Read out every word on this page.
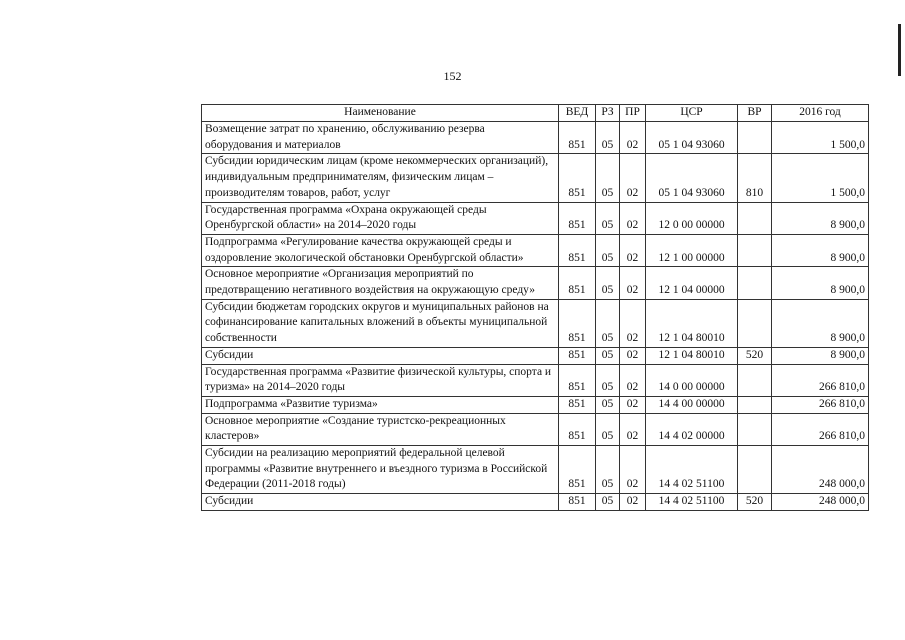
152
Наименование	ВЕД	РЗ	ПР	ЦСР	ВР	2016 год
Возмещение затрат по хранению, обслуживанию резерва оборудования и материалов	851	05	02	05 1 04 93060		1 500,0
Субсидии юридическим лицам (кроме некоммерческих организаций), индивидуальным предпринимателям, физическим лицам – производителям товаров, работ, услуг	851	05	02	05 1 04 93060	810	1 500,0
Государственная программа «Охрана окружающей среды Оренбургской области» на 2014–2020 годы	851	05	02	12 0 00 00000		8 900,0
Подпрограмма «Регулирование качества окружающей среды и оздоровление экологической обстановки Оренбургской области»	851	05	02	12 1 00 00000		8 900,0
Основное мероприятие «Организация мероприятий по предотвращению негативного воздействия на окружающую среду»	851	05	02	12 1 04 00000		8 900,0
Субсидии бюджетам городских округов и муниципальных районов на софинансирование капитальных вложений в объекты муниципальной собственности	851	05	02	12 1 04 80010		8 900,0
Субсидии	851	05	02	12 1 04 80010	520	8 900,0
Государственная программа «Развитие физической культуры, спорта и туризма» на 2014–2020 годы	851	05	02	14 0 00 00000		266 810,0
Подпрограмма «Развитие туризма»	851	05	02	14 4 00 00000		266 810,0
Основное мероприятие «Создание туристско-рекреационных кластеров»	851	05	02	14 4 02 00000		266 810,0
Субсидии на реализацию мероприятий федеральной целевой программы «Развитие внутреннего и въездного туризма в Российской Федерации (2011-2018 годы)	851	05	02	14 4 02 51100		248 000,0
Субсидии	851	05	02	14 4 02 51100	520	248 000,0
